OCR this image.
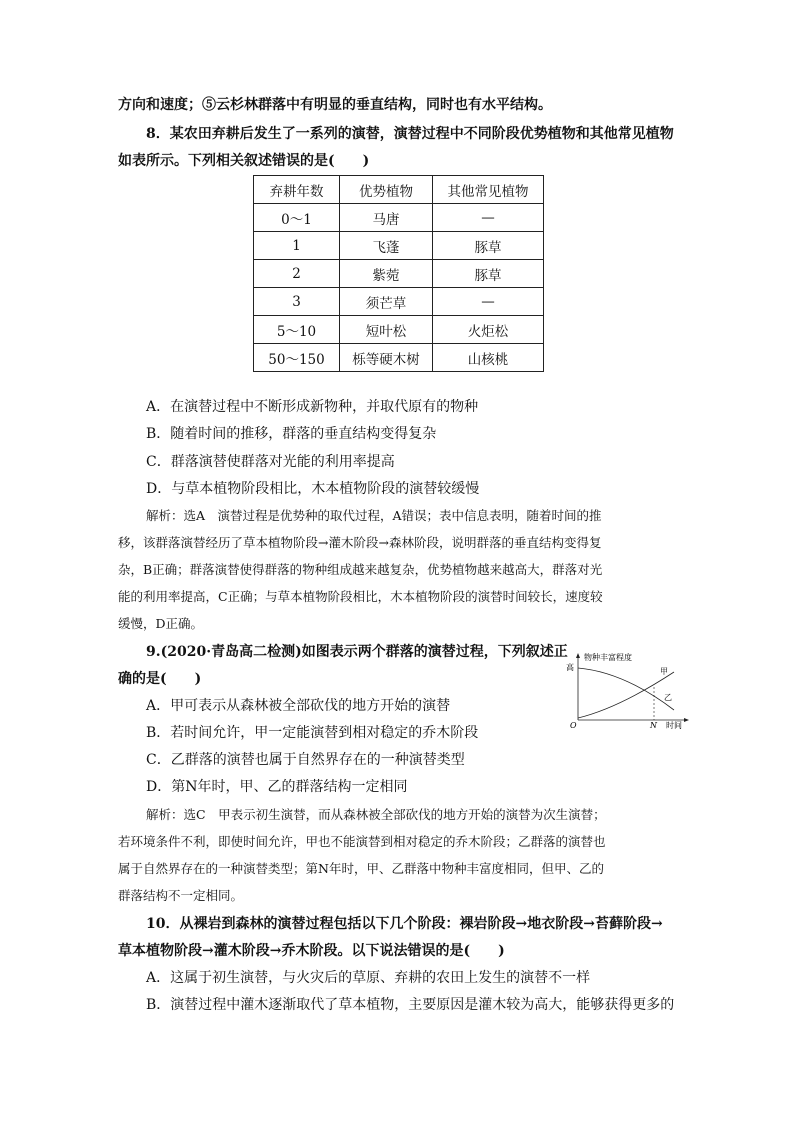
方向和速度；⑤云杉林群落中有明显的垂直结构，同时也有水平结构。
8．某农田弃耕后发生了一系列的演替，演替过程中不同阶段优势植物和其他常见植物
如表所示。下列相关叙述错误的是(　　)
弃耕年数	优势植物	其他常见植物
0～1	马唐	—
1	飞蓬	豚草
2	紫菀	豚草
3	须芒草	—
5～10	短叶松	火炬松
50～150	栎等硬木树	山核桃
A．在演替过程中不断形成新物种，并取代原有的物种
B．随着时间的推移，群落的垂直结构变得复杂
C．群落演替使群落对光能的利用率提高
D．与草本植物阶段相比，木本植物阶段的演替较缓慢
解析：选A　演替过程是优势种的取代过程，A错误；表中信息表明，随着时间的推
移，该群落演替经历了草本植物阶段→灌木阶段→森林阶段，说明群落的垂直结构变得复
杂，B正确；群落演替使得群落的物种组成越来越复杂，优势植物越来越高大，群落对光
能的利用率提高，C正确；与草本植物阶段相比，木本植物阶段的演替时间较长，速度较
缓慢，D正确。
9.(2020·青岛高二检测)如图表示两个群落的演替过程，下列叙述正
确的是(　　)
物种丰富程度
高
O	N 时间
甲
乙
A．甲可表示从森林被全部砍伐的地方开始的演替
B．若时间允许，甲一定能演替到相对稳定的乔木阶段
C．乙群落的演替也属于自然界存在的一种演替类型
D．第N年时，甲、乙的群落结构一定相同
解析：选C　甲表示初生演替，而从森林被全部砍伐的地方开始的演替为次生演替；
若环境条件不利，即使时间允许，甲也不能演替到相对稳定的乔木阶段；乙群落的演替也
属于自然界存在的一种演替类型；第N年时，甲、乙群落中物种丰富度相同，但甲、乙的
群落结构不一定相同。
10．从裸岩到森林的演替过程包括以下几个阶段：裸岩阶段→地衣阶段→苔藓阶段→
草本植物阶段→灌木阶段→乔木阶段。以下说法错误的是(　　)
A．这属于初生演替，与火灾后的草原、弃耕的农田上发生的演替不一样
B．演替过程中灌木逐渐取代了草本植物，主要原因是灌木较为高大，能够获得更多的
